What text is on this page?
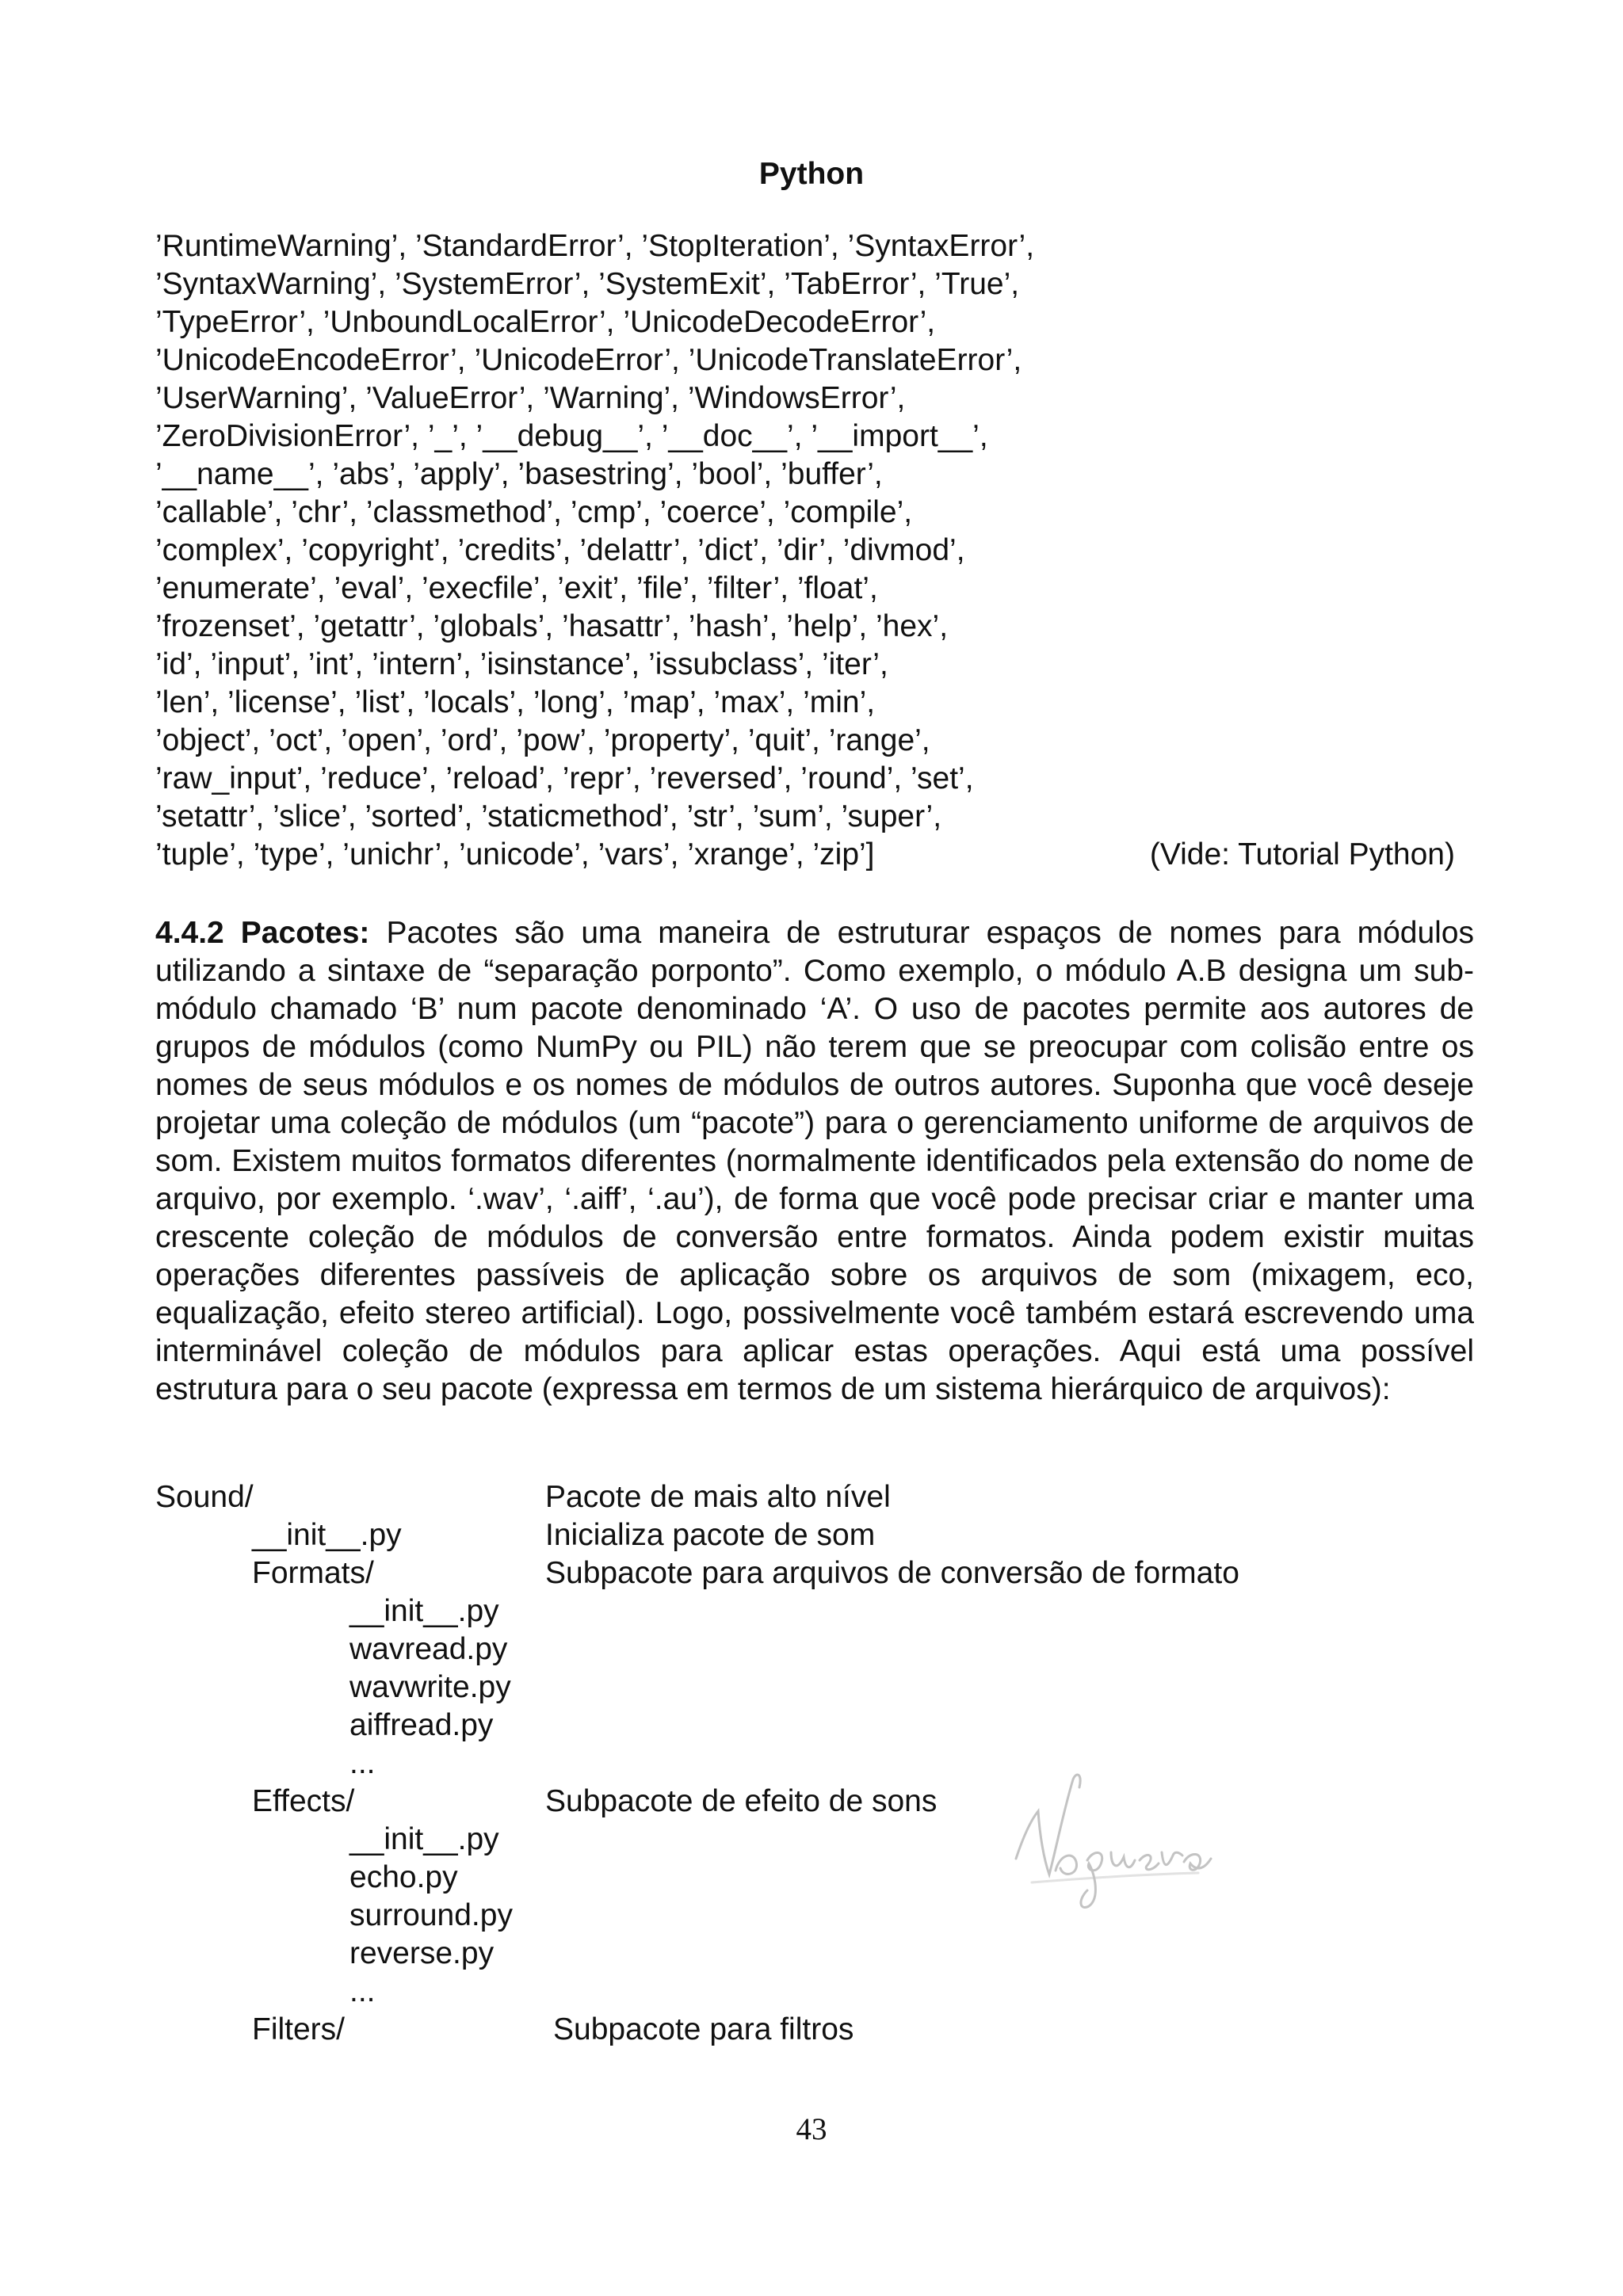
Python
’RuntimeWarning’, ’StandardError’, ’StopIteration’, ’SyntaxError’,
’SyntaxWarning’, ’SystemError’, ’SystemExit’, ’TabError’, ’True’,
’TypeError’, ’UnboundLocalError’, ’UnicodeDecodeError’,
’UnicodeEncodeError’, ’UnicodeError’, ’UnicodeTranslateError’,
’UserWarning’, ’ValueError’, ’Warning’, ’WindowsError’,
’ZeroDivisionError’, ’_’, ’__debug__’, ’__doc__’, ’__import__’,
’__name__’, ’abs’, ’apply’, ’basestring’, ’bool’, ’buffer’,
’callable’, ’chr’, ’classmethod’, ’cmp’, ’coerce’, ’compile’,
’complex’, ’copyright’, ’credits’, ’delattr’, ’dict’, ’dir’, ’divmod’,
’enumerate’, ’eval’, ’execfile’, ’exit’, ’file’, ’filter’, ’float’,
’frozenset’, ’getattr’, ’globals’, ’hasattr’, ’hash’, ’help’, ’hex’,
’id’, ’input’, ’int’, ’intern’, ’isinstance’, ’issubclass’, ’iter’,
’len’, ’license’, ’list’, ’locals’, ’long’, ’map’, ’max’, ’min’,
’object’, ’oct’, ’open’, ’ord’, ’pow’, ’property’, ’quit’, ’range’,
’raw_input’, ’reduce’, ’reload’, ’repr’, ’reversed’, ’round’, ’set’,
’setattr’, ’slice’, ’sorted’, ’staticmethod’, ’str’, ’sum’, ’super’,
’tuple’, ’type’, ’unichr’, ’unicode’, ’vars’, ’xrange’, ’zip’]	(Vide: Tutorial Python)
4.4.2 Pacotes: Pacotes são uma maneira de estruturar espaços de nomes para módulos utilizando a sintaxe de “separação porponto”. Como exemplo, o módulo A.B designa um sub-módulo chamado ‘B’ num pacote denominado ‘A’. O uso de pacotes permite aos autores de grupos de módulos (como NumPy ou PIL) não terem que se preocupar com colisão entre os nomes de seus módulos e os nomes de módulos de outros autores. Suponha que você deseje projetar uma coleção de módulos (um “pacote”) para o gerenciamento uniforme de arquivos de som. Existem muitos formatos diferentes (normalmente identificados pela extensão do nome de arquivo, por exemplo. ‘.wav’, ‘.aiff’, ‘.au’), de forma que você pode precisar criar e manter uma crescente coleção de módulos de conversão entre formatos. Ainda podem existir muitas operações diferentes passíveis de aplicação sobre os arquivos de som (mixagem, eco, equalização, efeito stereo artificial). Logo, possivelmente você também estará escrevendo uma interminável coleção de módulos para aplicar estas operações. Aqui está uma possível estrutura para o seu pacote (expressa em termos de um sistema hierárquico de arquivos):
Sound/	Pacote de mais alto nível
__init__.py	Inicializa pacote de som
Formats/	Subpacote para arquivos de conversão de formato
__init__.py
wavread.py
wavwrite.py
aiffread.py
...
Effects/	Subpacote de efeito de sons
__init__.py
echo.py
surround.py
reverse.py
...
Filters/	Subpacote para filtros
43
